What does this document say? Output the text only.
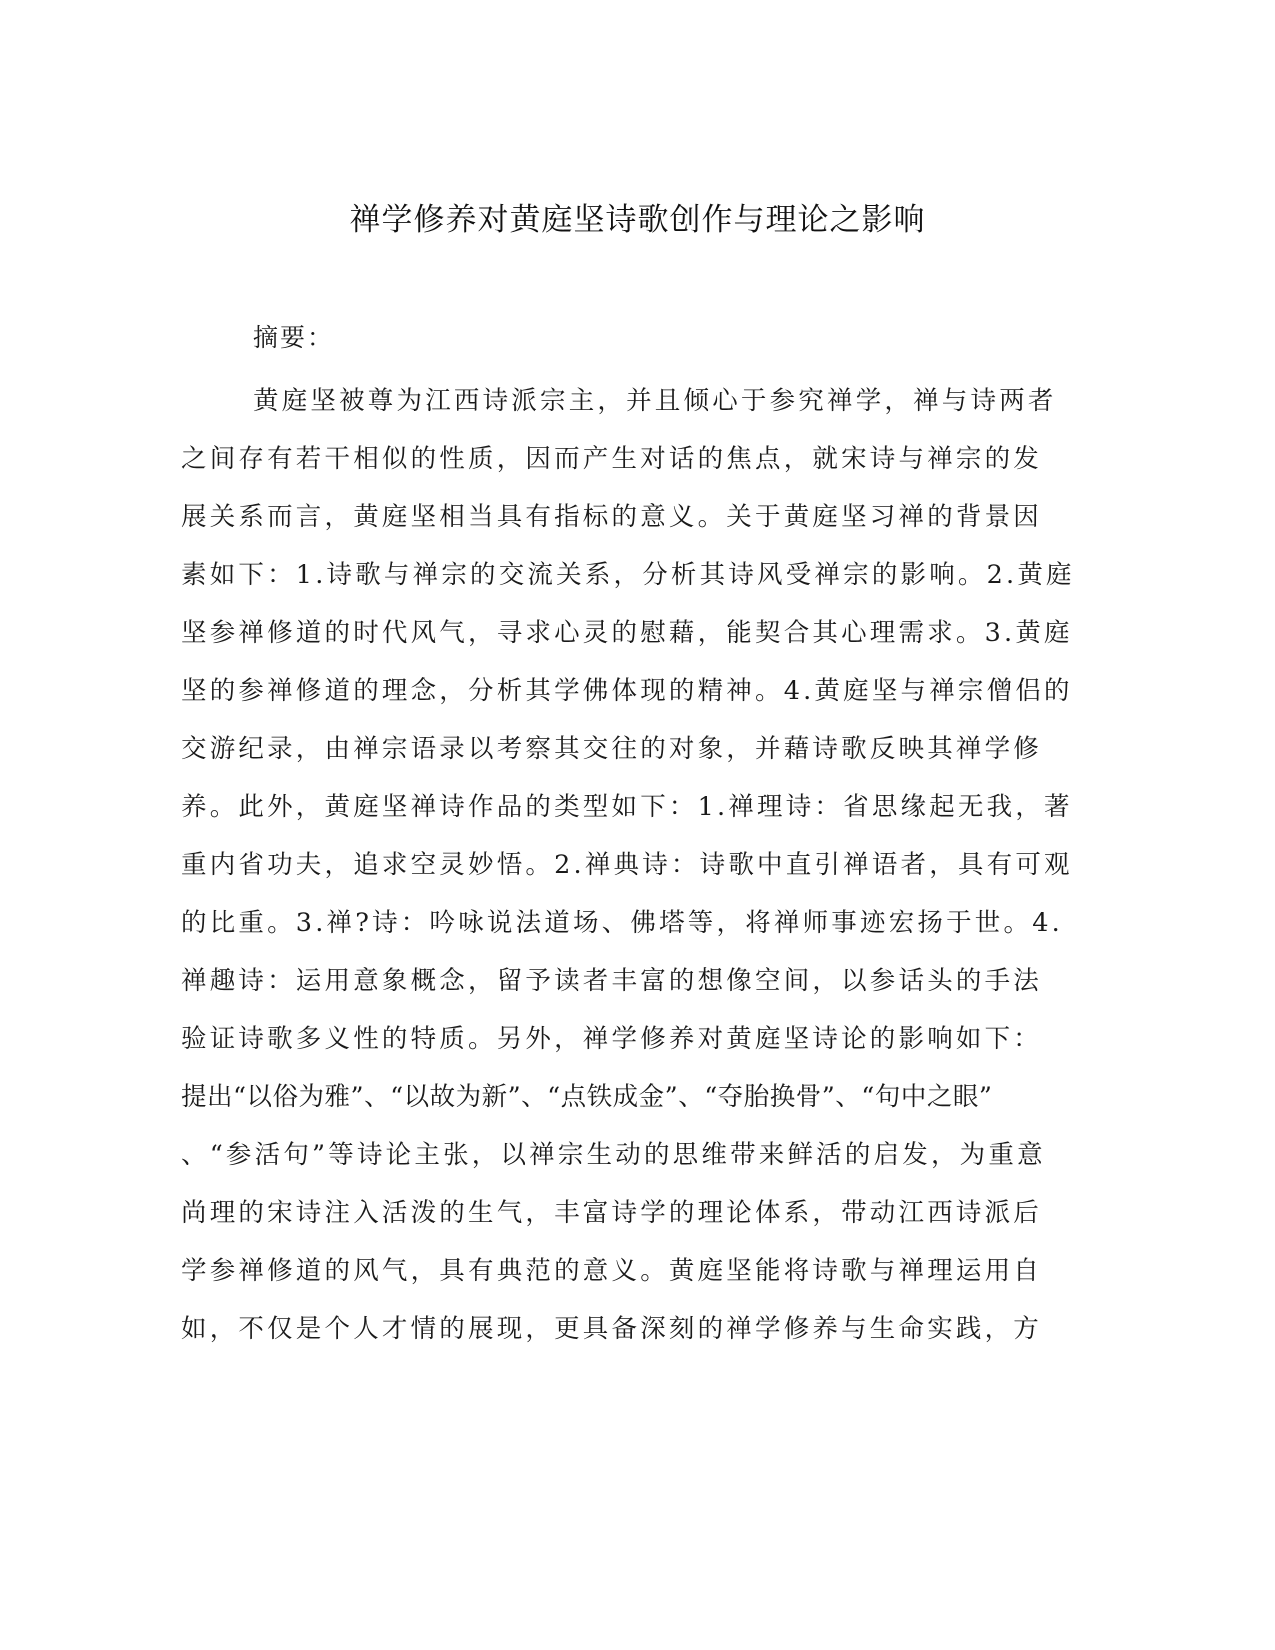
禅学修养对黄庭坚诗歌创作与理论之影响
摘要：
黄庭坚被尊为江西诗派宗主，并且倾心于参究禅学，禅与诗两者
之间存有若干相似的性质，因而产生对话的焦点，就宋诗与禅宗的发
展关系而言，黄庭坚相当具有指标的意义。关于黄庭坚习禅的背景因
素如下：1.诗歌与禅宗的交流关系，分析其诗风受禅宗的影响。2.黄庭
坚参禅修道的时代风气，寻求心灵的慰藉，能契合其心理需求。3.黄庭
坚的参禅修道的理念，分析其学佛体现的精神。4.黄庭坚与禅宗僧侣的
交游纪录，由禅宗语录以考察其交往的对象，并藉诗歌反映其禅学修
养。此外，黄庭坚禅诗作品的类型如下：1.禅理诗：省思缘起无我，著
重内省功夫，追求空灵妙悟。2.禅典诗：诗歌中直引禅语者，具有可观
的比重。3.禅?诗：吟咏说法道场、佛塔等，将禅师事迹宏扬于世。4.
禅趣诗：运用意象概念，留予读者丰富的想像空间，以参话头的手法
验证诗歌多义性的特质。另外，禅学修养对黄庭坚诗论的影响如下：
提出“以俗为雅”、“以故为新”、“点铁成金”、“夺胎换骨”、“句中之眼”
、“参活句”等诗论主张，以禅宗生动的思维带来鲜活的启发，为重意
尚理的宋诗注入活泼的生气，丰富诗学的理论体系，带动江西诗派后
学参禅修道的风气，具有典范的意义。黄庭坚能将诗歌与禅理运用自
如，不仅是个人才情的展现，更具备深刻的禅学修养与生命实践，方
